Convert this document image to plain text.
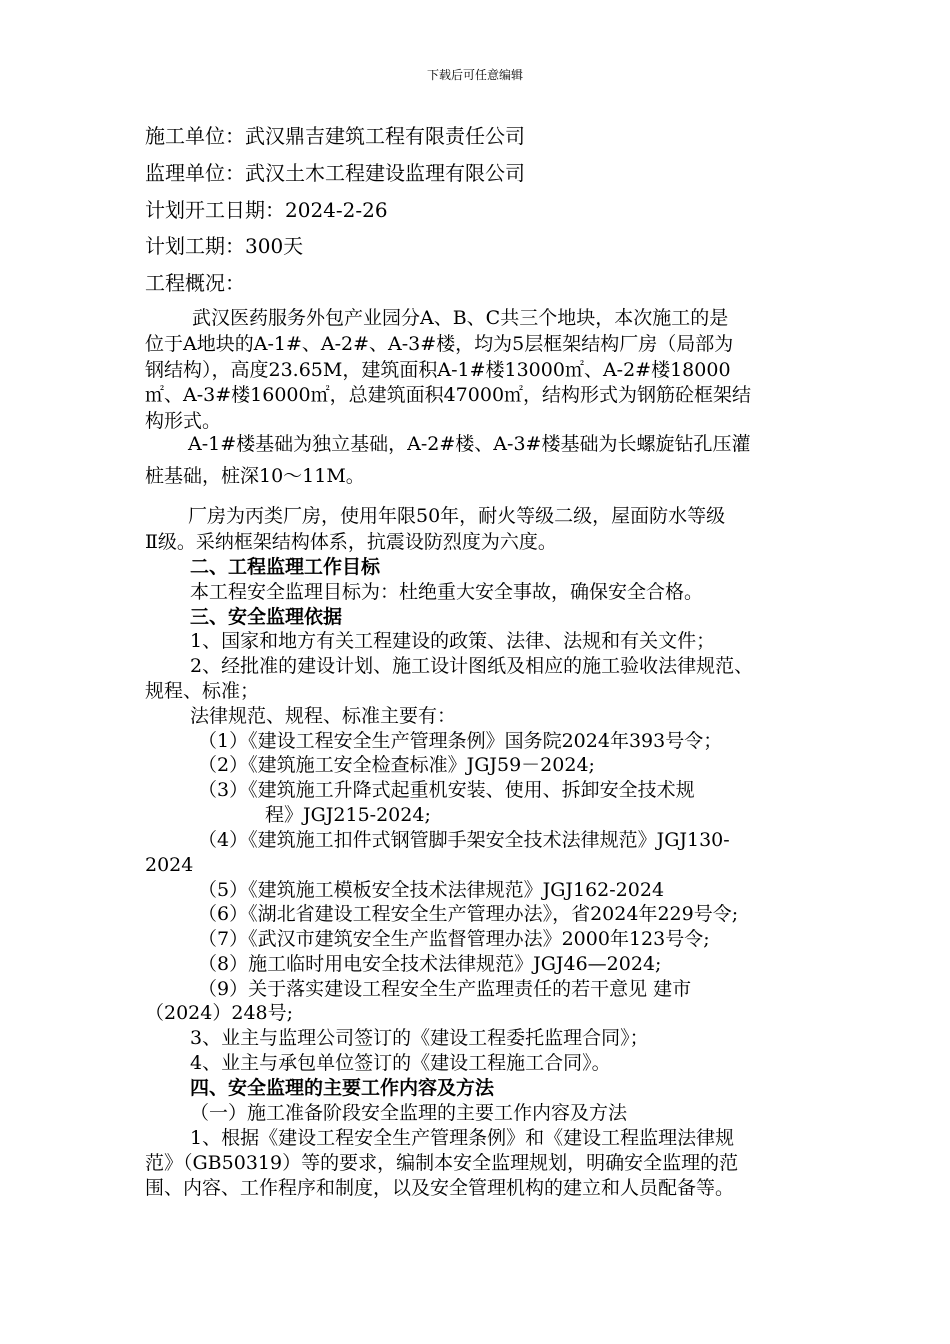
下载后可任意编辑
施工单位：武汉鼎吉建筑工程有限责任公司
监理单位：武汉土木工程建设监理有限公司
计划开工日期：2024-2-26
计划工期：300天
工程概况：
武汉医药服务外包产业园分A、B、C共三个地块，本次施工的是
位于A地块的A-1#、A-2#、A-3#楼，均为5层框架结构厂房（局部为
钢结构），高度23.65M，建筑面积A-1#楼13000㎡、A-2#楼18000
㎡、A-3#楼16000㎡，总建筑面积47000㎡，结构形式为钢筋砼框架结
构形式。
A-1#楼基础为独立基础，A-2#楼、A-3#楼基础为长螺旋钻孔压灌
桩基础，桩深10～11M。
厂房为丙类厂房，使用年限50年，耐火等级二级，屋面防水等级
Ⅱ级。采纳框架结构体系，抗震设防烈度为六度。
二、工程监理工作目标
本工程安全监理目标为：杜绝重大安全事故，确保安全合格。
三、安全监理依据
1、国家和地方有关工程建设的政策、法律、法规和有关文件；
2、经批准的建设计划、施工设计图纸及相应的施工验收法律规范、
规程、标准；
法律规范、规程、标准主要有：
（1）《建设工程安全生产管理条例》国务院2024年393号令；
（2）《建筑施工安全检查标准》JGJ59－2024;
（3）《建筑施工升降式起重机安装、使用、拆卸安全技术规
程》JGJ215-2024;
（4）《建筑施工扣件式钢管脚手架安全技术法律规范》JGJ130-
2024
（5）《建筑施工模板安全技术法律规范》JGJ162-2024
（6）《湖北省建设工程安全生产管理办法》，省2024年229号令;
（7）《武汉市建筑安全生产监督管理办法》2000年123号令;
（8）施工临时用电安全技术法律规范》JGJ46—2024;
（9）关于落实建设工程安全生产监理责任的若干意见 建市
（2024）248号;
3、业主与监理公司签订的《建设工程委托监理合同》；
4、业主与承包单位签订的《建设工程施工合同》。
四、安全监理的主要工作内容及方法
（一）施工准备阶段安全监理的主要工作内容及方法
1、根据《建设工程安全生产管理条例》和《建设工程监理法律规
范》（GB50319）等的要求，编制本安全监理规划，明确安全监理的范
围、内容、工作程序和制度，以及安全管理机构的建立和人员配备等。
